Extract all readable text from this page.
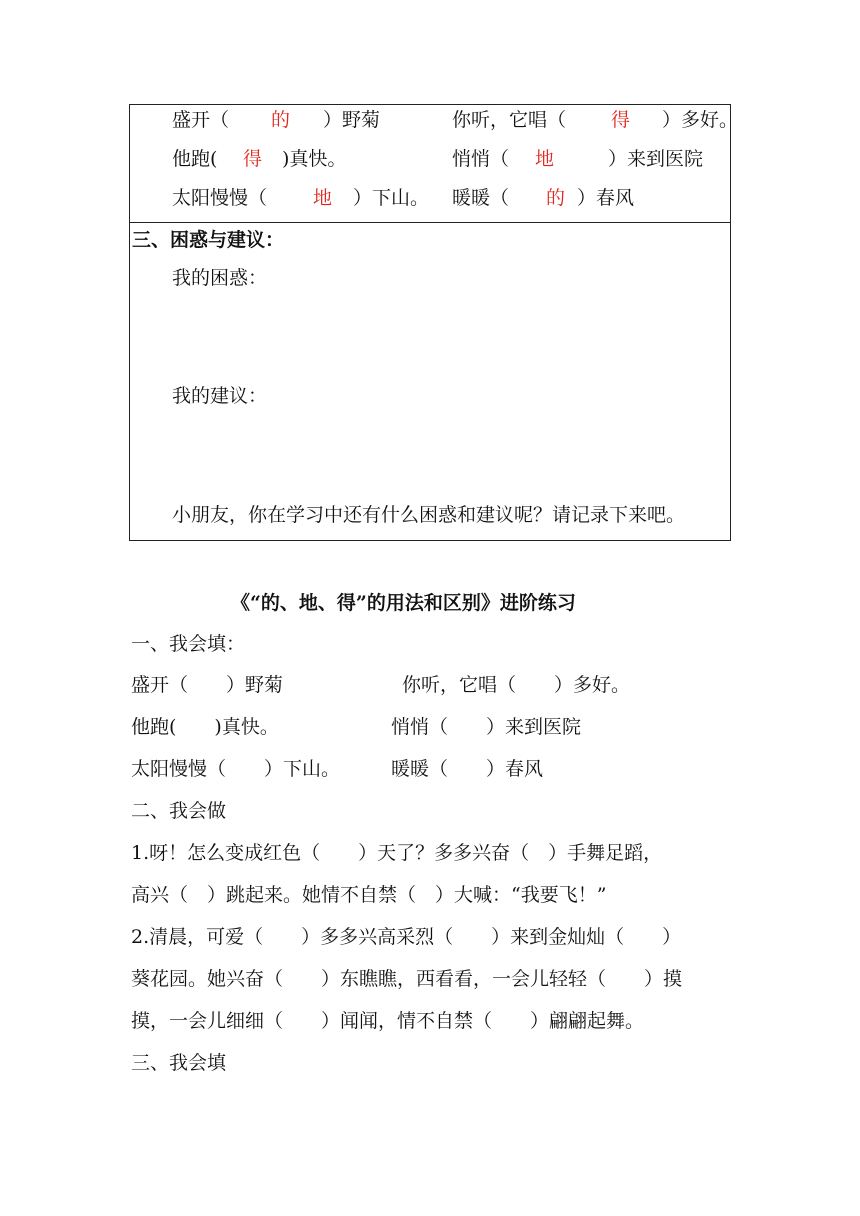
盛开（ 的 ）野菊	你听，它唱（ 得 ）多好。
他跑( 得 )真快。	悄悄（ 地	）来到医院
太阳慢慢（ 地 ）下山。 暖暖（ 的 ）春风
三、困惑与建议：
我的困惑：
我的建议：
小朋友，你在学习中还有什么困惑和建议呢？请记录下来吧。
《“的、地、得”的用法和区别》进阶练习
一、我会填：
盛开（　　）野菊	你听，它唱（　　）多好。
他跑(　　)真快。	悄悄（　　）来到医院
太阳慢慢（　　）下山。	暖暖（　　）春风
二、我会做
1.呀！怎么变成红色（　　）天了？多多兴奋（　）手舞足蹈，
高兴（　）跳起来。她情不自禁（　）大喊：“我要飞！”
2.清晨，可爱（　　）多多兴高采烈（　　）来到金灿灿（　　）
葵花园。她兴奋（　　）东瞧瞧，西看看，一会儿轻轻（　　）摸
摸，一会儿细细（　　）闻闻，情不自禁（　　）翩翩起舞。
三、我会填
